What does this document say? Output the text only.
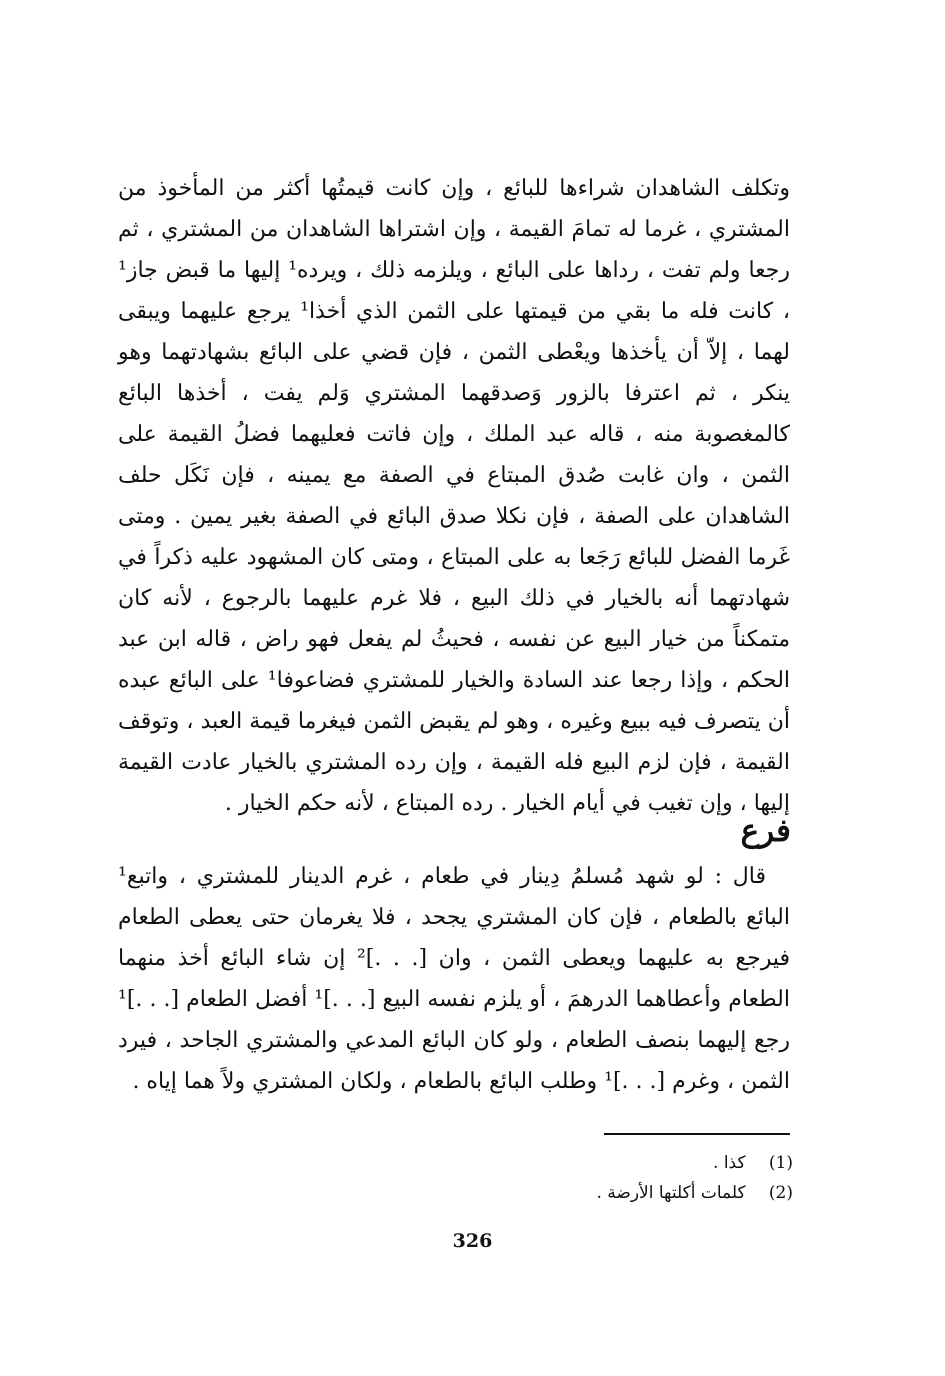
وتكلف الشاهدان شراءها للبائع ، وإن كانت قيمتُها أكثر من المأخوذ من المشتري ، غرما له تمامَ القيمة ، وإن اشتراها الشاهدان من المشتري ، ثم رجعا ولم تفت ، رداها على البائع ، ويلزمه ذلك ، ويرده¹ إليها ما قبض جاز¹ ، كانت فله ما بقي من قيمتها على الثمن الذي أخذا¹ يرجع عليهما ويبقى لهما ، إلاّ أن يأخذها ويعْطى الثمن ، فإن قضي على البائع بشهادتهما وهو ينكر ، ثم اعترفا بالزور وَصدقهما المشتري وَلم يفت ، أخذها البائع كالمغصوبة منه ، قاله عبد الملك ، وإن فاتت فعليهما فضلُ القيمة على الثمن ، وان غابت صُدق المبتاع في الصفة مع يمينه ، فإن نَكَل حلف الشاهدان على الصفة ، فإن نكلا صدق البائع في الصفة بغير يمين . ومتى غَرما الفضل للبائع رَجَعا به على المبتاع ، ومتى كان المشهود عليه ذكراً في شهادتهما أنه بالخيار في ذلك البيع ، فلا غرم عليهما بالرجوع ، لأنه كان متمكناً من خيار البيع عن نفسه ، فحيثُ لم يفعل فهو راض ، قاله ابن عبد الحكم ، وإذا رجعا عند السادة والخيار للمشتري فضاعوفا¹ على البائع عبده أن يتصرف فيه ببيع وغيره ، وهو لم يقبض الثمن فيغرما قيمة العبد ، وتوقف القيمة ، فإن لزم البيع فله القيمة ، وإن رده المشتري بالخيار عادت القيمة إليها ، وإن تغيب في أيام الخيار . رده المبتاع ، لأنه حكم الخيار .

فرع

قال : لو شهد مُسلمُ دِينار في طعام ، غرم الدينار للمشتري ، واتبع¹ البائع بالطعام ، فإن كان المشتري يجحد ، فلا يغرمان حتى يعطى الطعام فيرجع به عليهما ويعطى الثمن ، وان [. . .]² إن شاء البائع أخذ منهما الطعام وأعطاهما الدرهمَ ، أو يلزم نفسه البيع [. . .]¹ أفضل الطعام [. . .]¹ رجع إليهما بنصف الطعام ، ولو كان البائع المدعي والمشتري الجاحد ، فيرد الثمن ، وغرم [. . .]¹ وطلب البائع بالطعام ، ولكان المشتري ولاً هما إياه .

(1) كذا .
(2) كلمات أكلتها الأرضة .
326
